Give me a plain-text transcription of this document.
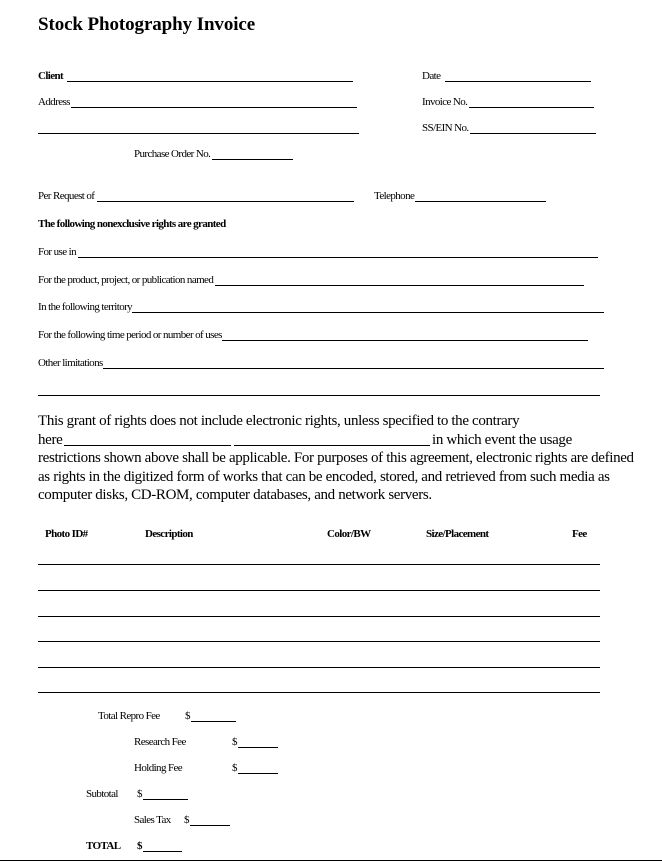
Stock Photography Invoice
Client	Date
Address	Invoice No.
SS/EIN No.
Purchase Order No.
Per Request of	Telephone
The following nonexclusive rights are granted
For use in
For the product, project, or publication named
In the following territory
For the following time period or number of uses
Other limitations
This grant of rights does not include electronic rights, unless specified to the contrary
here	in which event the usage
restrictions shown above shall be applicable. For purposes of this agreement, electronic rights are defined
as rights in the digitized form of works that can be encoded, stored, and retrieved from such media as
computer disks, CD-ROM, computer databases, and network servers.
Photo ID#	Description	Color/BW	Size/Placement	Fee
Total Repro Fee $
Research Fee	$
Holding Fee	$
Subtotal $
Sales Tax $
TOTAL $
